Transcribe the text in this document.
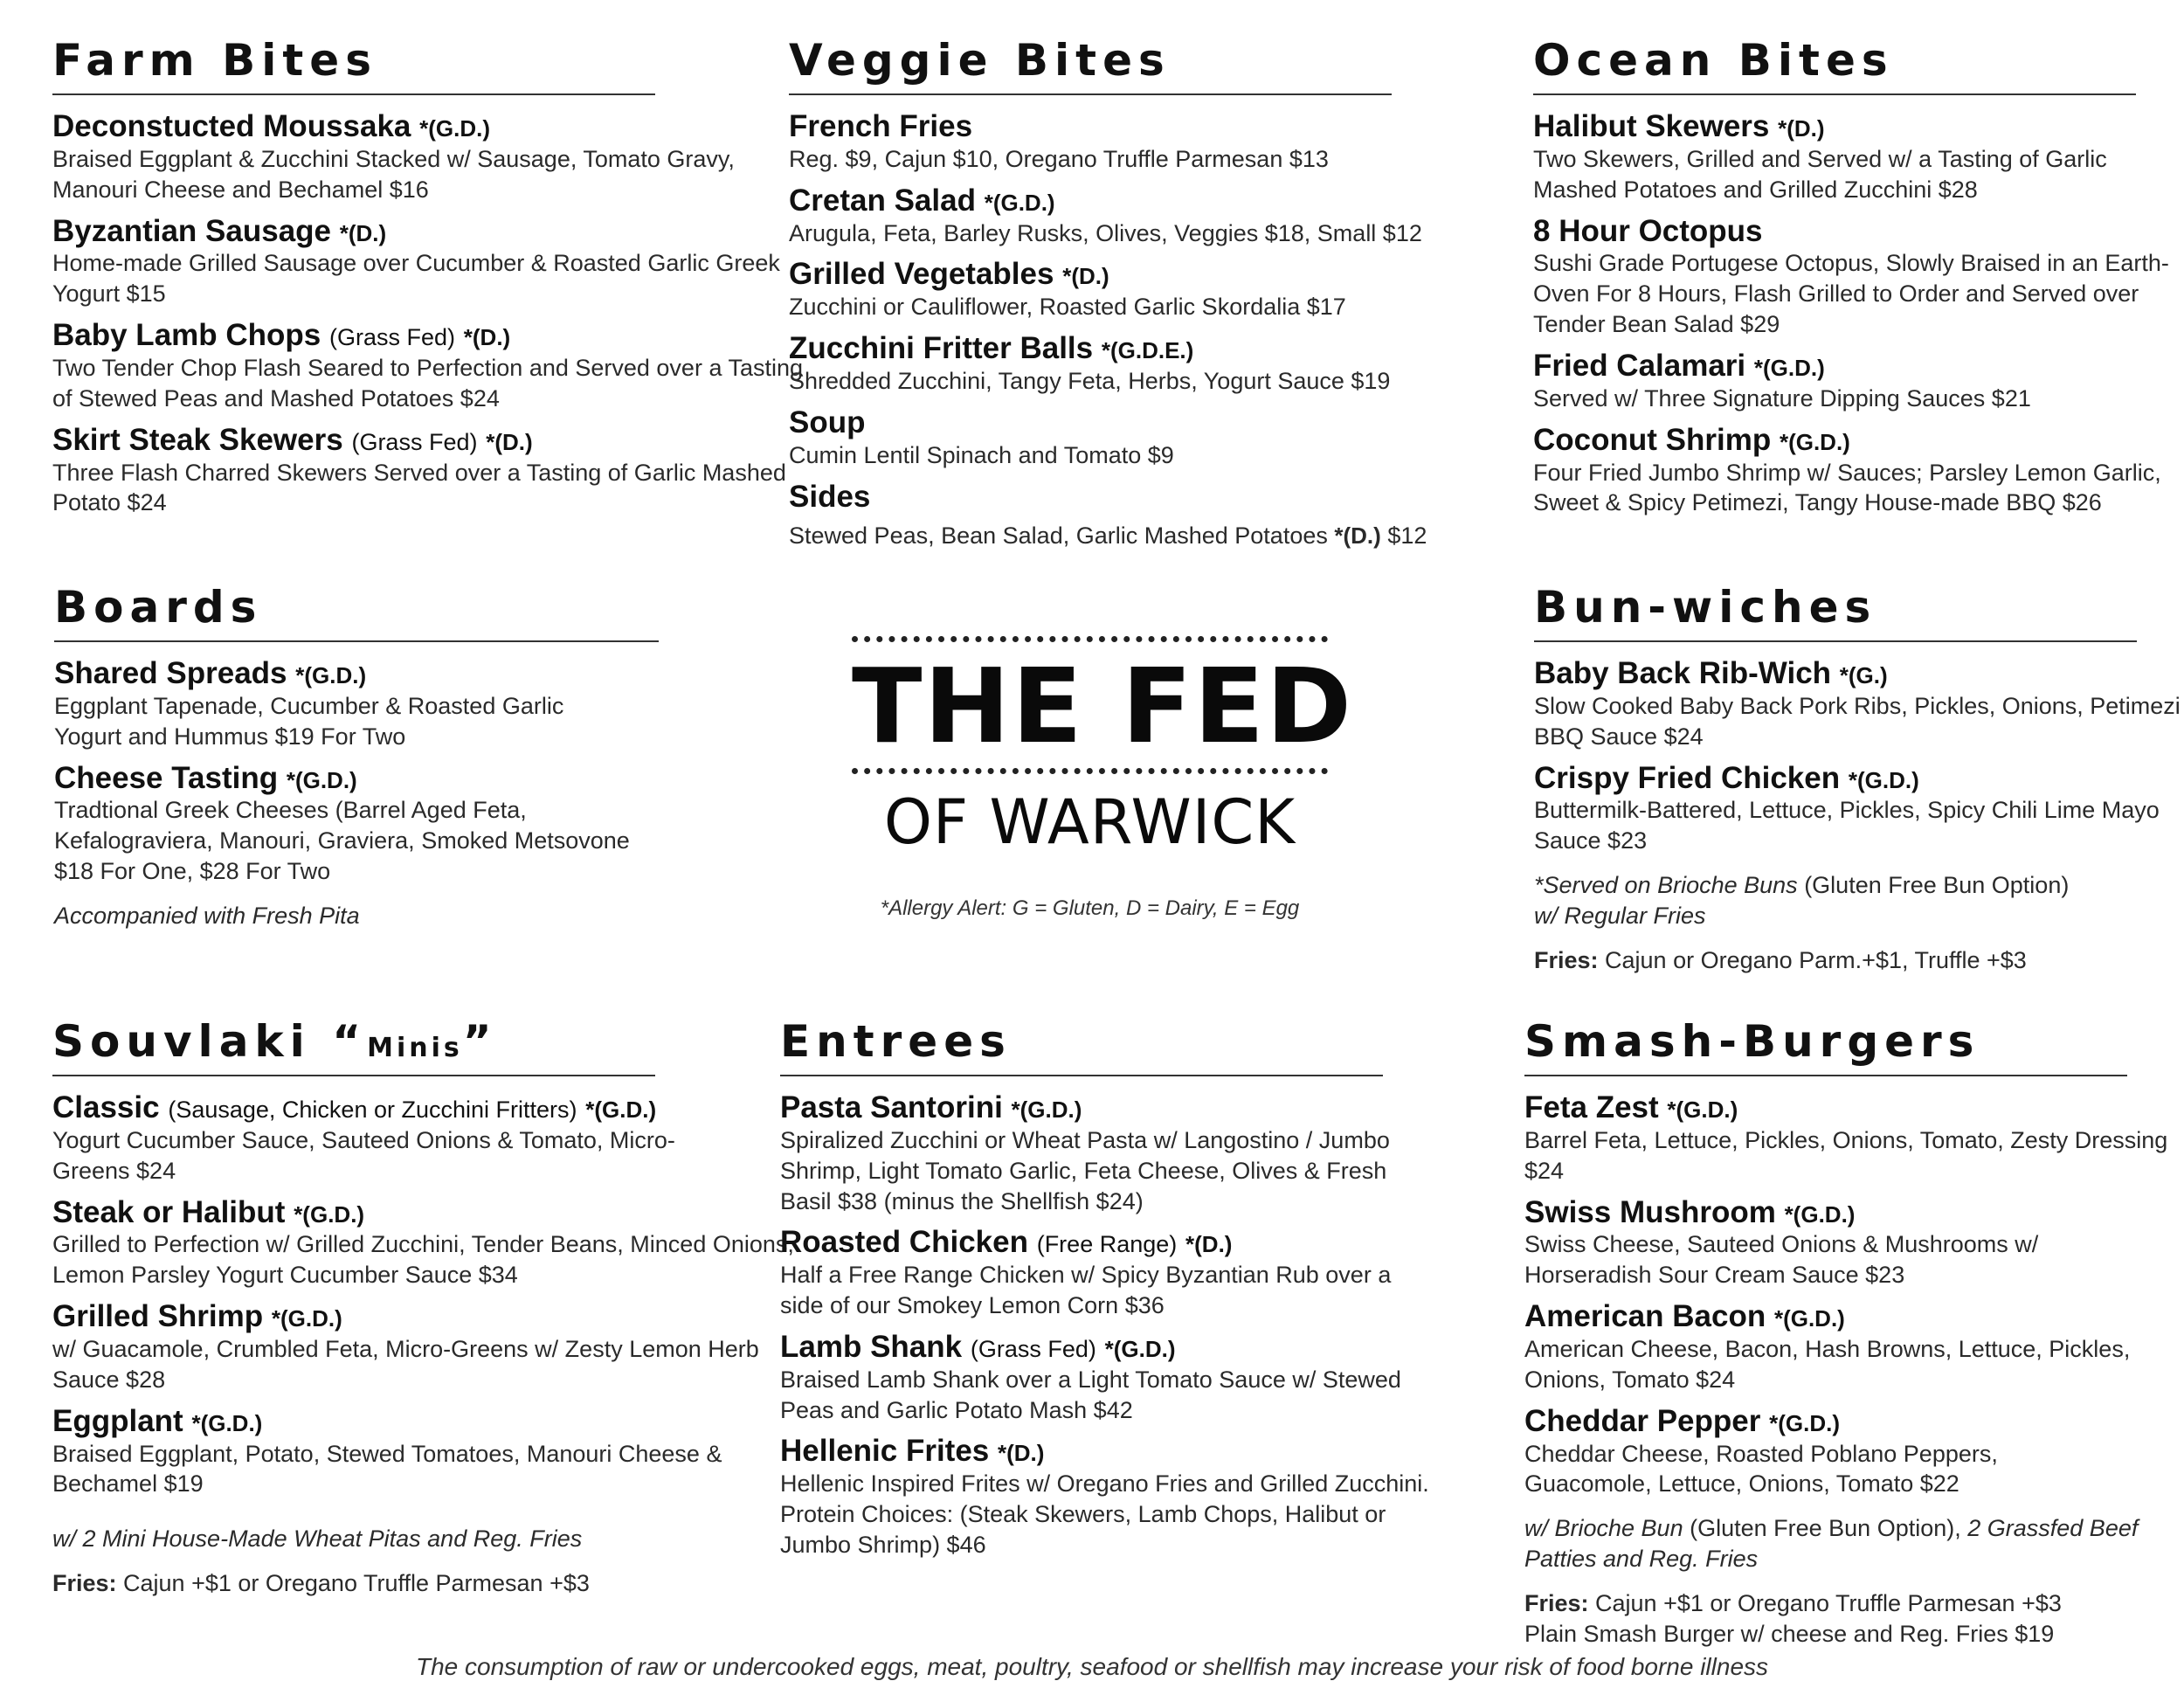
Farm Bites
Deconstucted Moussaka *(G.D.)
Braised Eggplant & Zucchini Stacked w/ Sausage, Tomato Gravy, Manouri Cheese and Bechamel $16
Byzantian Sausage *(D.)
Home-made Grilled Sausage over Cucumber & Roasted Garlic Greek Yogurt $15
Baby Lamb Chops (Grass Fed) *(D.)
Two Tender Chop Flash Seared to Perfection and Served over a Tasting of Stewed Peas and Mashed Potatoes $24
Skirt Steak Skewers (Grass Fed) *(D.)
Three Flash Charred Skewers Served over a Tasting of Garlic Mashed Potato $24
Veggie Bites
French Fries
Reg. $9, Cajun $10, Oregano Truffle Parmesan $13
Cretan Salad *(G.D.)
Arugula, Feta, Barley Rusks, Olives, Veggies $18, Small $12
Grilled Vegetables *(D.)
Zucchini or Cauliflower, Roasted Garlic Skordalia $17
Zucchini Fritter Balls *(G.D.E.)
Shredded Zucchini, Tangy Feta, Herbs, Yogurt Sauce $19
Soup
Cumin Lentil Spinach and Tomato $9
Sides
Stewed Peas, Bean Salad, Garlic Mashed Potatoes *(D.) $12
Ocean Bites
Halibut Skewers *(D.)
Two Skewers, Grilled and Served w/ a Tasting of Garlic Mashed Potatoes and Grilled Zucchini $28
8 Hour Octopus
Sushi Grade Portugese Octopus, Slowly Braised in an Earth-Oven For 8 Hours, Flash Grilled to Order and Served over Tender Bean Salad $29
Fried Calamari *(G.D.)
Served w/ Three Signature Dipping Sauces $21
Coconut Shrimp *(G.D.)
Four Fried Jumbo Shrimp w/ Sauces; Parsley Lemon Garlic, Sweet & Spicy Petimezi, Tangy House-made BBQ $26
Boards
Shared Spreads *(G.D.)
Eggplant Tapenade, Cucumber & Roasted Garlic Yogurt and Hummus $19 For Two
Cheese Tasting *(G.D.)
Tradtional Greek Cheeses (Barrel Aged Feta, Kefalograviera, Manouri, Graviera, Smoked Metsovone $18 For One, $28 For Two
Accompanied with Fresh Pita
THE FED
OF WARWICK
*Allergy Alert: G = Gluten, D = Dairy, E = Egg
Bun-wiches
Baby Back Rib-Wich *(G.)
Slow Cooked Baby Back Pork Ribs, Pickles, Onions, Petimezi BBQ Sauce $24
Crispy Fried Chicken *(G.D.)
Buttermilk-Battered, Lettuce, Pickles, Spicy Chili Lime Mayo Sauce $23
*Served on Brioche Buns (Gluten Free Bun Option)
w/ Regular Fries
Fries: Cajun or Oregano Parm.+$1, Truffle +$3
Souvlaki “Minis”
Classic (Sausage, Chicken or Zucchini Fritters) *(G.D.)
Yogurt Cucumber Sauce, Sauteed Onions & Tomato, Micro-Greens $24
Steak or Halibut *(G.D.)
Grilled to Perfection w/ Grilled Zucchini, Tender Beans, Minced Onions, Lemon Parsley Yogurt Cucumber Sauce $34
Grilled Shrimp *(G.D.)
w/ Guacamole, Crumbled Feta, Micro-Greens w/ Zesty Lemon Herb Sauce $28
Eggplant *(G.D.)
Braised Eggplant, Potato, Stewed Tomatoes, Manouri Cheese & Bechamel $19
w/ 2 Mini House-Made Wheat Pitas and Reg. Fries
Fries: Cajun +$1 or Oregano Truffle Parmesan +$3
Entrees
Pasta Santorini *(G.D.)
Spiralized Zucchini or Wheat Pasta w/ Langostino / Jumbo Shrimp, Light Tomato Garlic, Feta Cheese, Olives & Fresh Basil $38 (minus the Shellfish $24)
Roasted Chicken (Free Range) *(D.)
Half a Free Range Chicken w/ Spicy Byzantian Rub over a side of our Smokey Lemon Corn $36
Lamb Shank (Grass Fed) *(G.D.)
Braised Lamb Shank over a Light Tomato Sauce w/ Stewed Peas and Garlic Potato Mash $42
Hellenic Frites *(D.)
Hellenic Inspired Frites w/ Oregano Fries and Grilled Zucchini. Protein Choices: (Steak Skewers, Lamb Chops, Halibut or Jumbo Shrimp) $46
Smash-Burgers
Feta Zest *(G.D.)
Barrel Feta, Lettuce, Pickles, Onions, Tomato, Zesty Dressing $24
Swiss Mushroom *(G.D.)
Swiss Cheese, Sauteed Onions & Mushrooms w/ Horseradish Sour Cream Sauce $23
American Bacon *(G.D.)
American Cheese, Bacon, Hash Browns, Lettuce, Pickles, Onions, Tomato $24
Cheddar Pepper *(G.D.)
Cheddar Cheese, Roasted Poblano Peppers, Guacomole, Lettuce, Onions, Tomato $22
w/ Brioche Bun (Gluten Free Bun Option), 2 Grassfed Beef Patties and Reg. Fries
Fries: Cajun +$1 or Oregano Truffle Parmesan +$3
Plain Smash Burger w/ cheese and Reg. Fries $19
The consumption of raw or undercooked eggs, meat, poultry, seafood or shellfish may increase your risk of food borne illness
